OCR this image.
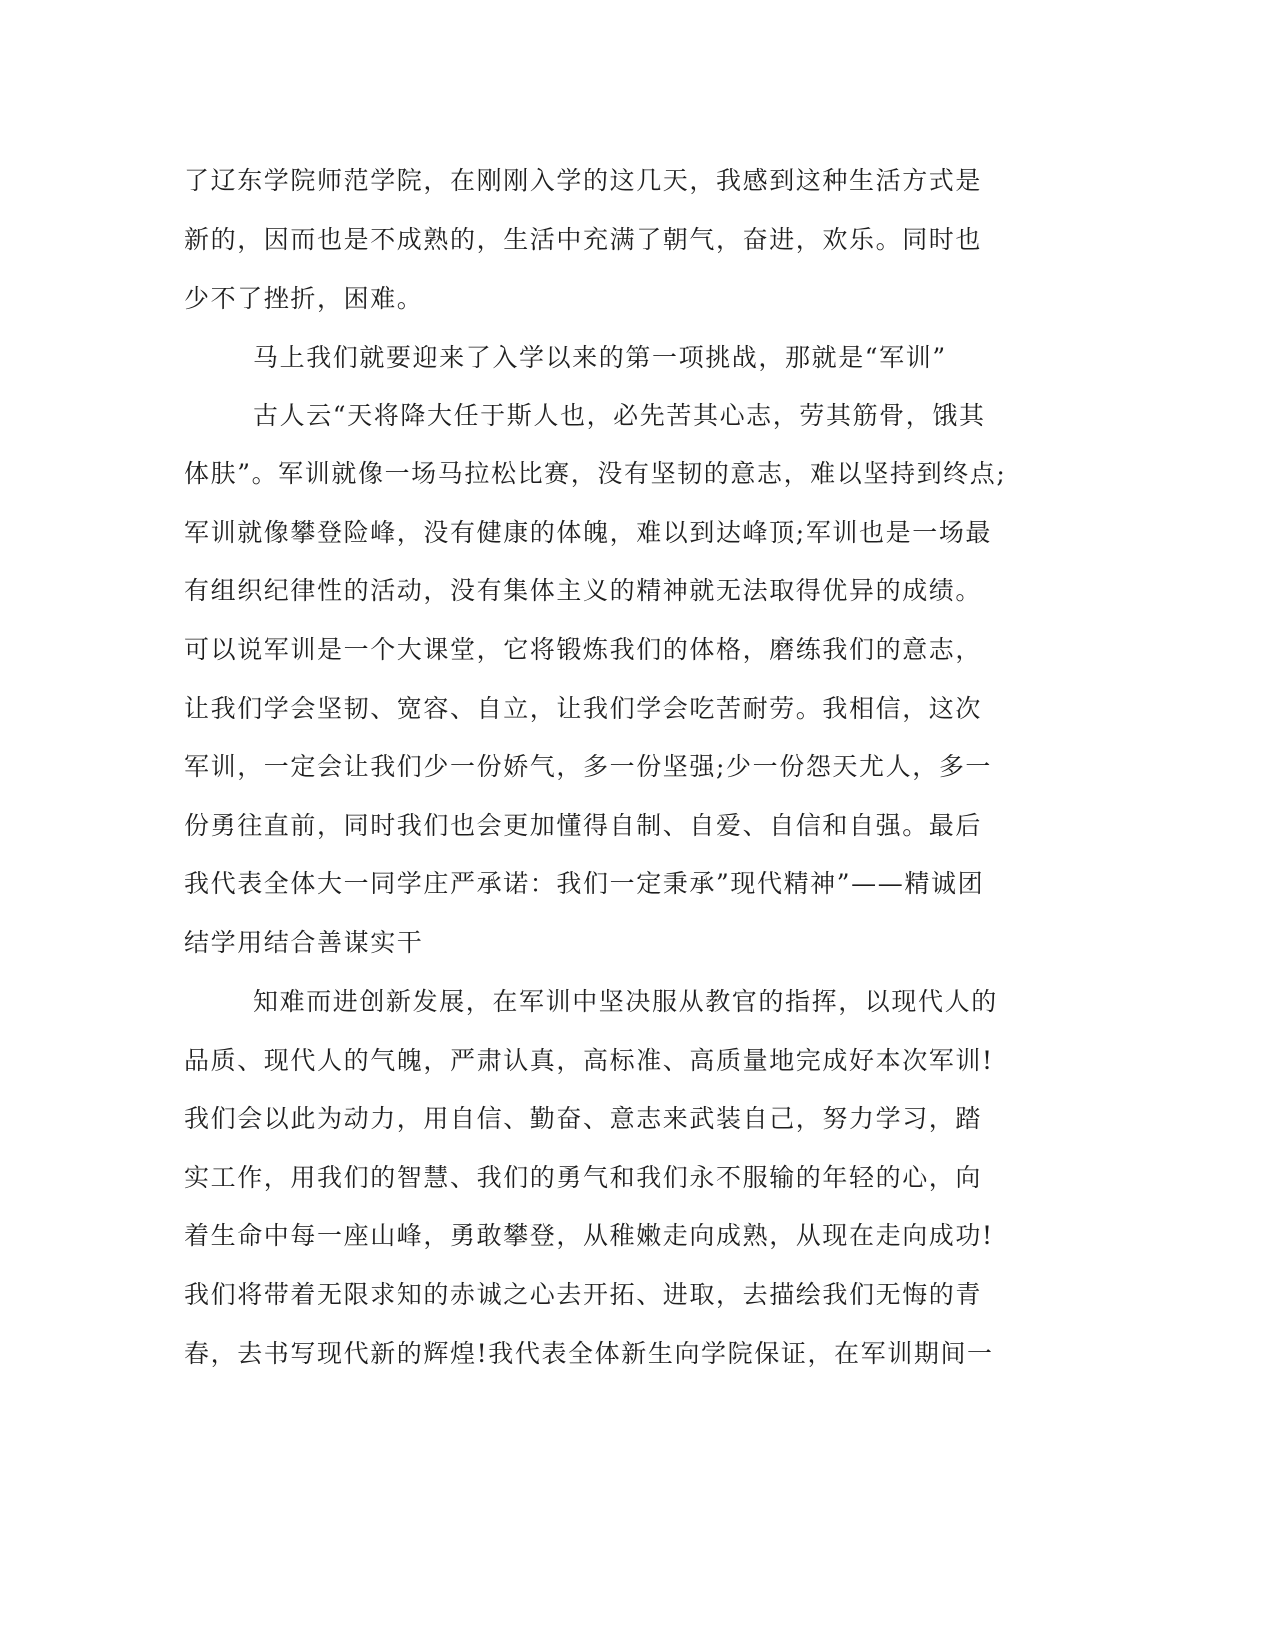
了辽东学院师范学院，在刚刚入学的这几天，我感到这种生活方式是
新的，因而也是不成熟的，生活中充满了朝气，奋进，欢乐。同时也
少不了挫折，困难。
马上我们就要迎来了入学以来的第一项挑战，那就是“军训”
古人云“天将降大任于斯人也，必先苦其心志，劳其筋骨，饿其
体肤”。军训就像一场马拉松比赛，没有坚韧的意志，难以坚持到终点;
军训就像攀登险峰，没有健康的体魄，难以到达峰顶;军训也是一场最
有组织纪律性的活动，没有集体主义的精神就无法取得优异的成绩。
可以说军训是一个大课堂，它将锻炼我们的体格，磨练我们的意志，
让我们学会坚韧、宽容、自立，让我们学会吃苦耐劳。我相信，这次
军训，一定会让我们少一份娇气，多一份坚强;少一份怨天尤人，多一
份勇往直前，同时我们也会更加懂得自制、自爱、自信和自强。最后
我代表全体大一同学庄严承诺：我们一定秉承”现代精神”——精诚团
结学用结合善谋实干
知难而进创新发展，在军训中坚决服从教官的指挥，以现代人的
品质、现代人的气魄，严肃认真，高标准、高质量地完成好本次军训!
我们会以此为动力，用自信、勤奋、意志来武装自己，努力学习，踏
实工作，用我们的智慧、我们的勇气和我们永不服输的年轻的心，向
着生命中每一座山峰，勇敢攀登，从稚嫩走向成熟，从现在走向成功!
我们将带着无限求知的赤诚之心去开拓、进取，去描绘我们无悔的青
春，去书写现代新的辉煌!我代表全体新生向学院保证，在军训期间一
